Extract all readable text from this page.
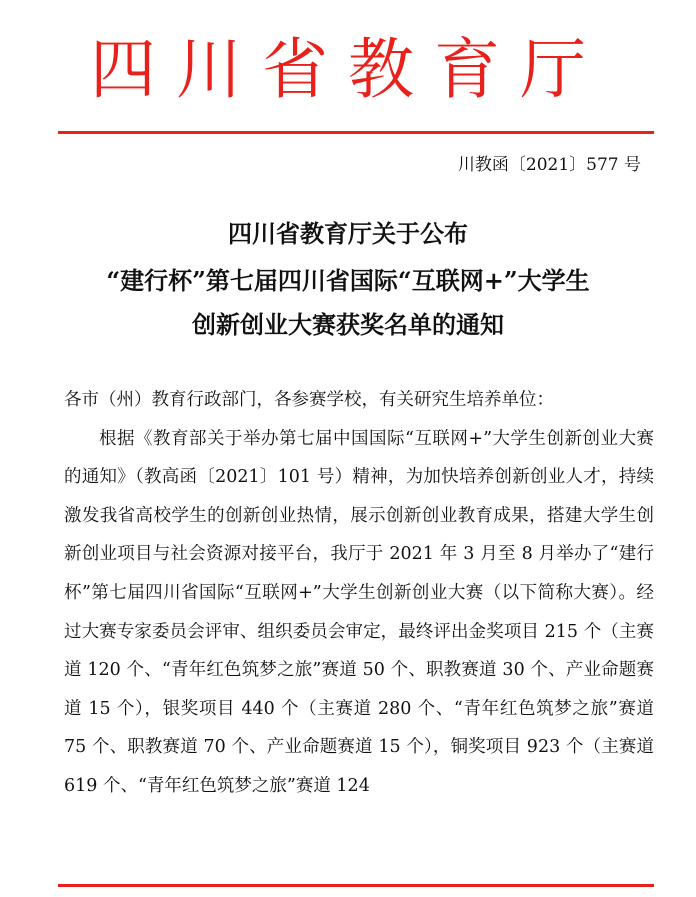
四川省教育厅
川教函〔2021〕577 号
四川省教育厅关于公布
“建行杯”第七届四川省国际“互联网+”大学生
创新创业大赛获奖名单的通知

各市（州）教育行政部门，各参赛学校，有关研究生培养单位：

根据《教育部关于举办第七届中国国际“互联网+”大学生创新创业大赛的通知》（教高函〔2021〕101 号）精神，为加快培养创新创业人才，持续激发我省高校学生的创新创业热情，展示创新创业教育成果，搭建大学生创新创业项目与社会资源对接平台，我厅于 2021 年 3 月至 8 月举办了“建行杯”第七届四川省国际“互联网+”大学生创新创业大赛（以下简称大赛）。经过大赛专家委员会评审、组织委员会审定，最终评出金奖项目 215 个（主赛道 120 个、“青年红色筑梦之旅”赛道 50 个、职教赛道 30 个、产业命题赛道 15 个），银奖项目 440 个（主赛道 280 个、“青年红色筑梦之旅”赛道 75 个、职教赛道 70 个、产业命题赛道 15 个），铜奖项目 923 个（主赛道 619 个、“青年红色筑梦之旅”赛道 124
